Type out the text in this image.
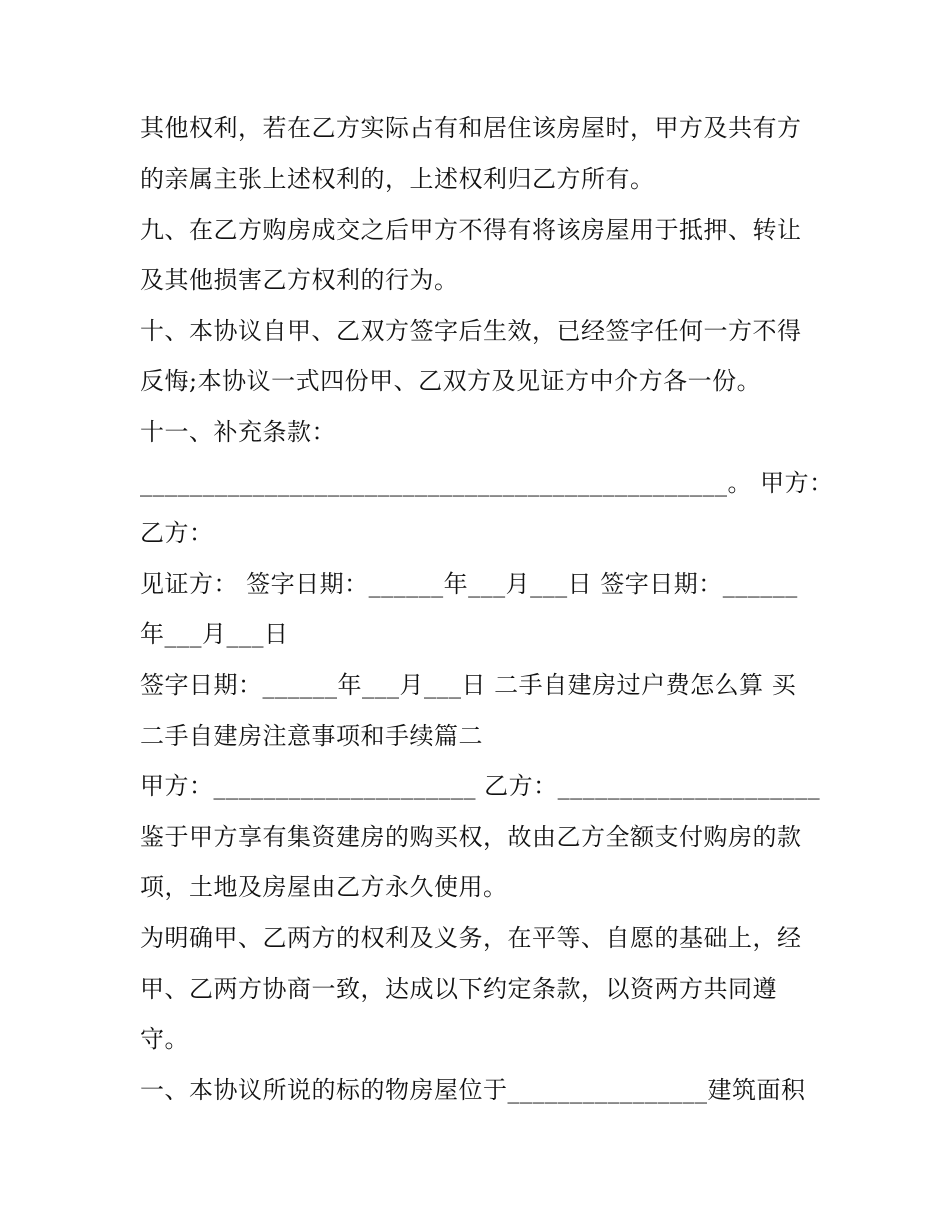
其他权利，若在乙方实际占有和居住该房屋时，甲方及共有方
的亲属主张上述权利的，上述权利归乙方所有。
九、在乙方购房成交之后甲方不得有将该房屋用于抵押、转让
及其他损害乙方权利的行为。
十、本协议自甲、乙双方签字后生效，已经签字任何一方不得
反悔;本协议一式四份甲、乙双方及见证方中介方各一份。
十一、补充条款：
_______________________________________________。 甲方：
乙方：
见证方： 签字日期：______年___月___日 签字日期：______
年___月___日
签字日期：______年___月___日 二手自建房过户费怎么算 买
二手自建房注意事项和手续篇二
甲方：_____________________ 乙方：_____________________
鉴于甲方享有集资建房的购买权，故由乙方全额支付购房的款
项，土地及房屋由乙方永久使用。
为明确甲、乙两方的权利及义务，在平等、自愿的基础上，经
甲、乙两方协商一致，达成以下约定条款，以资两方共同遵
守。
一、本协议所说的标的物房屋位于________________建筑面积
